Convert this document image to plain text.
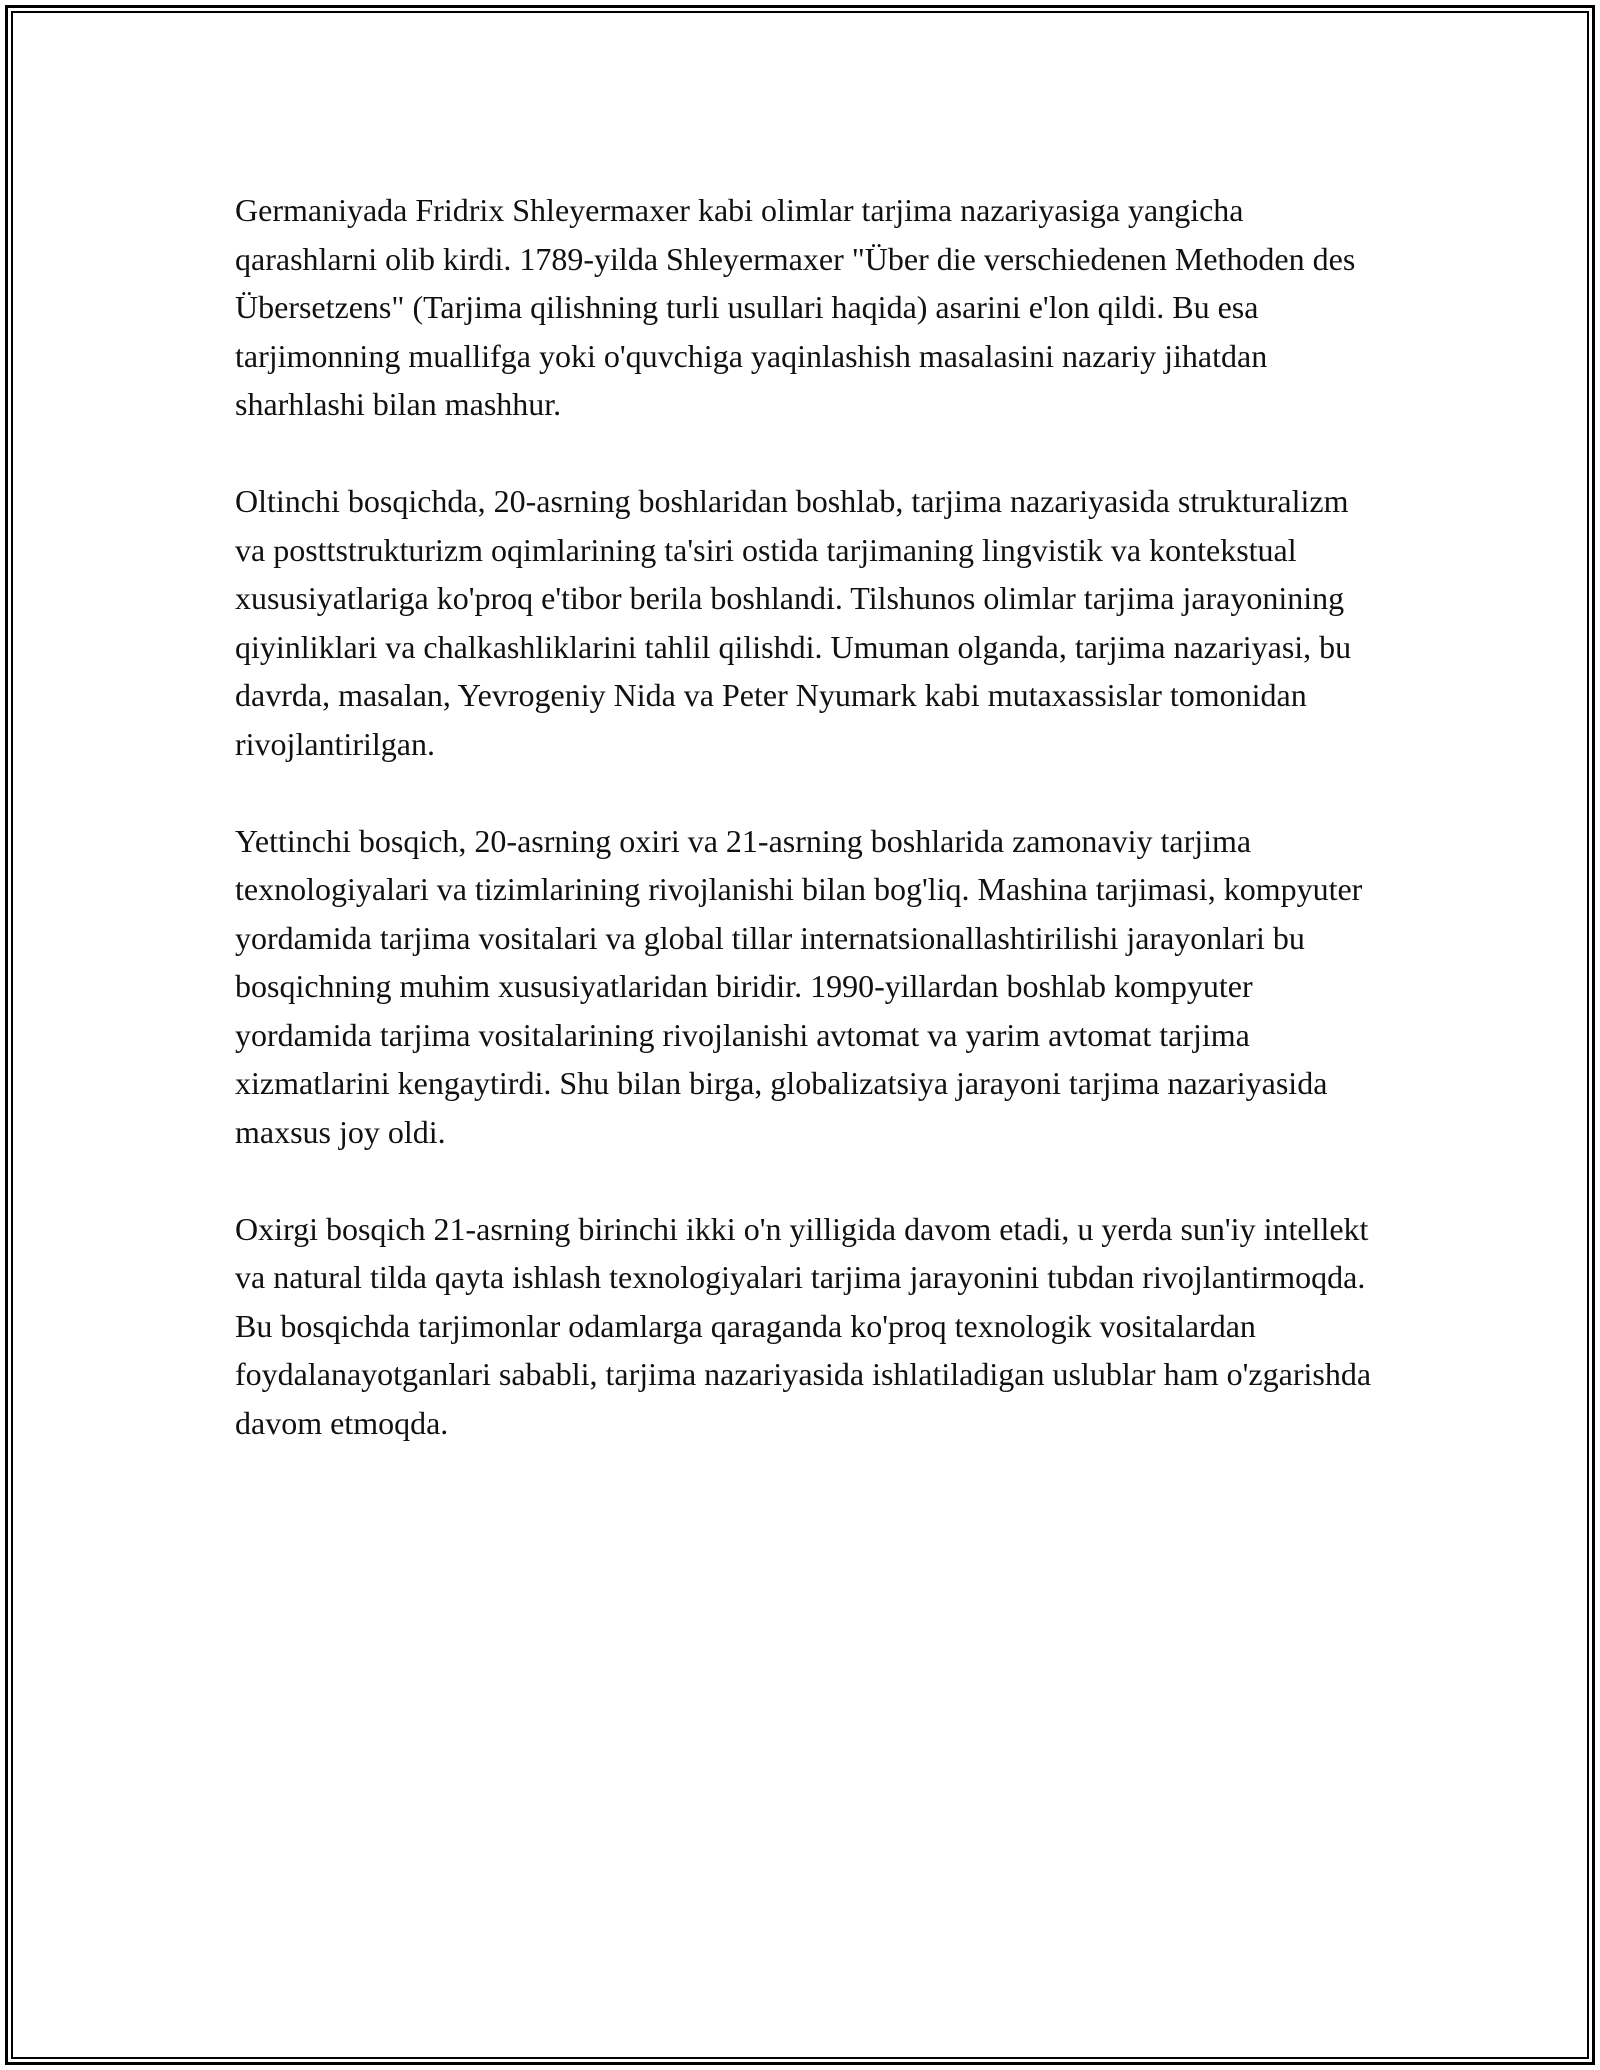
Germaniyada Fridrix Shleyermaxer kabi olimlar tarjima nazariyasiga yangicha qarashlarni olib kirdi. 1789-yilda Shleyermaxer "Über die verschiedenen Methoden des Übersetzens" (Tarjima qilishning turli usullari haqida) asarini e'lon qildi. Bu esa tarjimonning muallifga yoki o'quvchiga yaqinlashish masalasini nazariy jihatdan sharhlashi bilan mashhur.

Oltinchi bosqichda, 20-asrning boshlaridan boshlab, tarjima nazariyasida strukturalizm va posttstrukturizm oqimlarining ta'siri ostida tarjimaning lingvistik va kontekstual xususiyatlariga ko'proq e'tibor berila boshlandi. Tilshunos olimlar tarjima jarayonining qiyinliklari va chalkashliklarini tahlil qilishdi. Umuman olganda, tarjima nazariyasi, bu davrda, masalan, Yevrogeniy Nida va Peter Nyumark kabi mutaxassislar tomonidan rivojlantirilgan.

Yettinchi bosqich, 20-asrning oxiri va 21-asrning boshlarida zamonaviy tarjima texnologiyalari va tizimlarining rivojlanishi bilan bog'liq. Mashina tarjimasi, kompyuter yordamida tarjima vositalari va global tillar internatsionallashtirilishi jarayonlari bu bosqichning muhim xususiyatlaridan biridir. 1990-yillardan boshlab kompyuter yordamida tarjima vositalarining rivojlanishi avtomat va yarim avtomat tarjima xizmatlarini kengaytirdi. Shu bilan birga, globalizatsiya jarayoni tarjima nazariyasida maxsus joy oldi.

Oxirgi bosqich 21-asrning birinchi ikki o'n yilligida davom etadi, u yerda sun'iy intellekt va natural tilda qayta ishlash texnologiyalari tarjima jarayonini tubdan rivojlantirmoqda. Bu bosqichda tarjimonlar odamlarga qaraganda ko'proq texnologik vositalardan foydalanayotganlari sababli, tarjima nazariyasida ishlatiladigan uslublar ham o'zgarishda davom etmoqda.
